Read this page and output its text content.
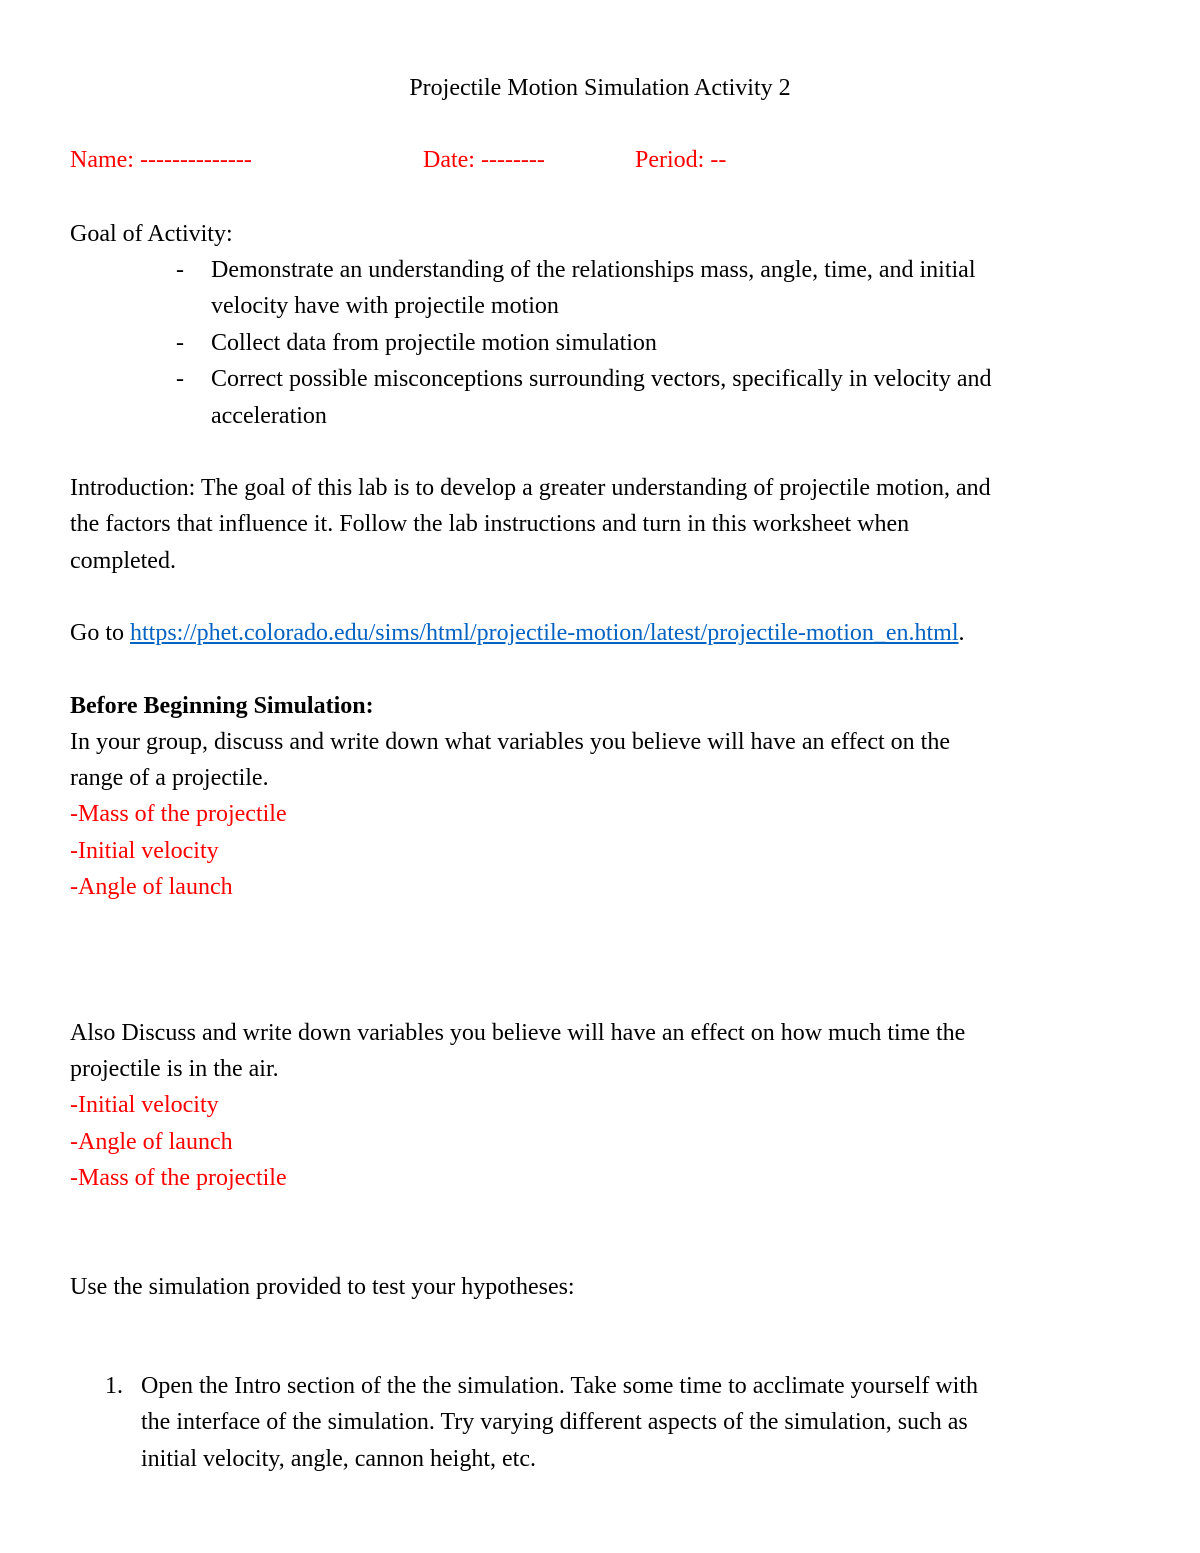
Projectile Motion Simulation Activity 2
Name: --------------	Date: --------	Period: --
Goal of Activity:
- Demonstrate an understanding of the relationships mass, angle, time, and initial
velocity have with projectile motion
- Collect data from projectile motion simulation
- Correct possible misconceptions surrounding vectors, specifically in velocity and
acceleration
Introduction: The goal of this lab is to develop a greater understanding of projectile motion, and
the factors that influence it. Follow the lab instructions and turn in this worksheet when
completed.
Go to https://phet.colorado.edu/sims/html/projectile-motion/latest/projectile-motion_en.html.
Before Beginning Simulation:
In your group, discuss and write down what variables you believe will have an effect on the
range of a projectile.
-Mass of the projectile
-Initial velocity
-Angle of launch
Also Discuss and write down variables you believe will have an effect on how much time the
projectile is in the air.
-Initial velocity
-Angle of launch
-Mass of the projectile
Use the simulation provided to test your hypotheses:
1. Open the Intro section of the the simulation. Take some time to acclimate yourself with
the interface of the simulation. Try varying different aspects of the simulation, such as
initial velocity, angle, cannon height, etc.
